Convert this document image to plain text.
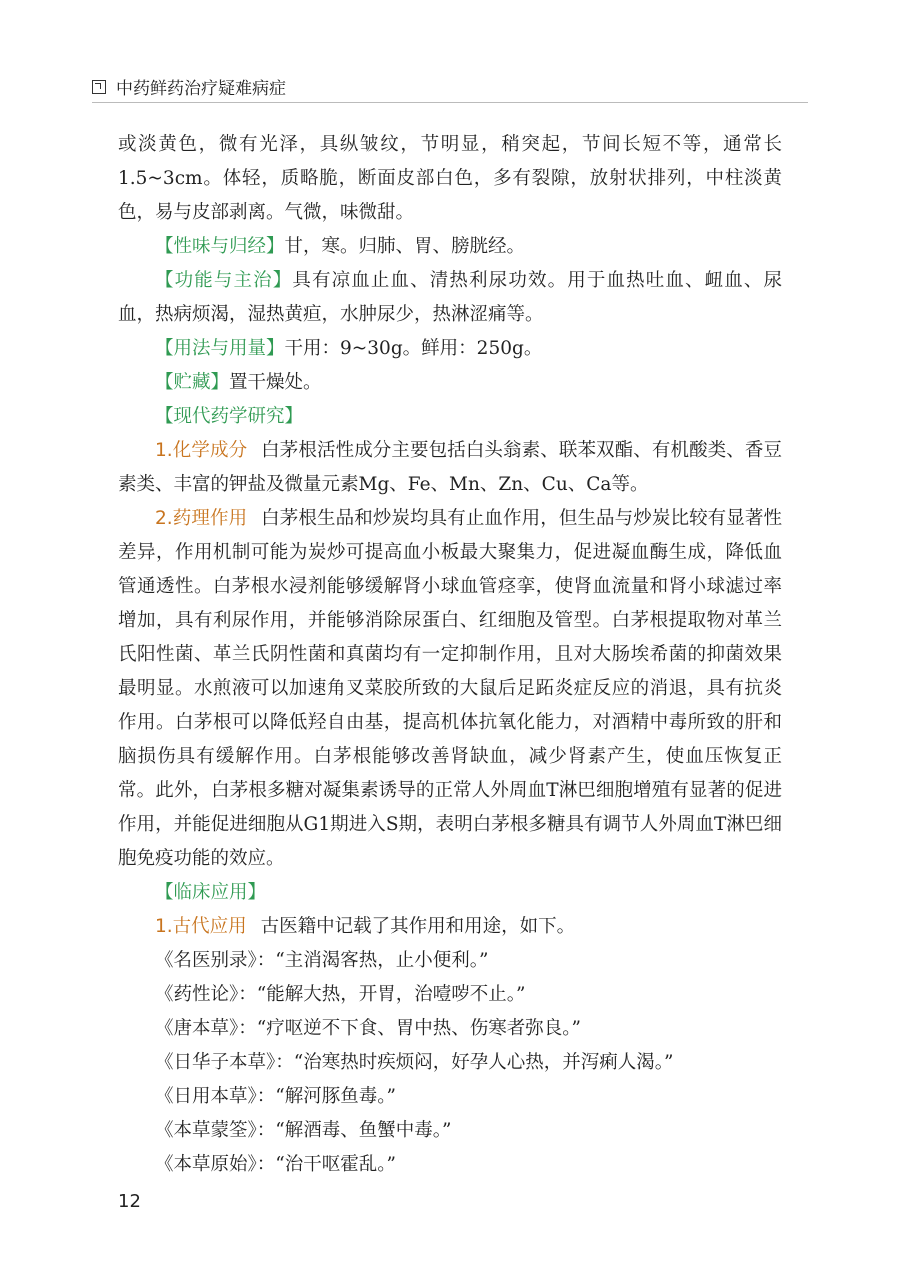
中药鲜药治疗疑难病症

或淡黄色，微有光泽，具纵皱纹，节明显，稍突起，节间长短不等，通常长1.5~3cm。体轻，质略脆，断面皮部白色，多有裂隙，放射状排列，中柱淡黄色，易与皮部剥离。气微，味微甜。

【性味与归经】甘，寒。归肺、胃、膀胱经。

【功能与主治】具有凉血止血、清热利尿功效。用于血热吐血、衄血、尿血，热病烦渴，湿热黄疸，水肿尿少，热淋涩痛等。

【用法与用量】干用：9~30g。鲜用：250g。

【贮藏】置干燥处。

【现代药学研究】

1.化学成分 白茅根活性成分主要包括白头翁素、联苯双酯、有机酸类、香豆素类、丰富的钾盐及微量元素Mg、Fe、Mn、Zn、Cu、Ca等。

2.药理作用 白茅根生品和炒炭均具有止血作用，但生品与炒炭比较有显著性差异，作用机制可能为炭炒可提高血小板最大聚集力，促进凝血酶生成，降低血管通透性。白茅根水浸剂能够缓解肾小球血管痉挛，使肾血流量和肾小球滤过率增加，具有利尿作用，并能够消除尿蛋白、红细胞及管型。白茅根提取物对革兰氏阳性菌、革兰氏阴性菌和真菌均有一定抑制作用，且对大肠埃希菌的抑菌效果最明显。水煎液可以加速角叉菜胶所致的大鼠后足跖炎症反应的消退，具有抗炎作用。白茅根可以降低羟自由基，提高机体抗氧化能力，对酒精中毒所致的肝和脑损伤具有缓解作用。白茅根能够改善肾缺血，减少肾素产生，使血压恢复正常。此外，白茅根多糖对凝集素诱导的正常人外周血T淋巴细胞增殖有显著的促进作用，并能促进细胞从G1期进入S期，表明白茅根多糖具有调节人外周血T淋巴细胞免疫功能的效应。

【临床应用】

1.古代应用 古医籍中记载了其作用和用途，如下。

《名医别录》：“主消渴客热，止小便利。”

《药性论》：“能解大热，开胃，治噎哕不止。”

《唐本草》：“疗呕逆不下食、胃中热、伤寒者弥良。”

《日华子本草》：“治寒热时疾烦闷，好孕人心热，并泻痢人渴。”

《日用本草》：“解河豚鱼毒。”

《本草蒙筌》：“解酒毒、鱼蟹中毒。”

《本草原始》：“治干呕霍乱。”

12
